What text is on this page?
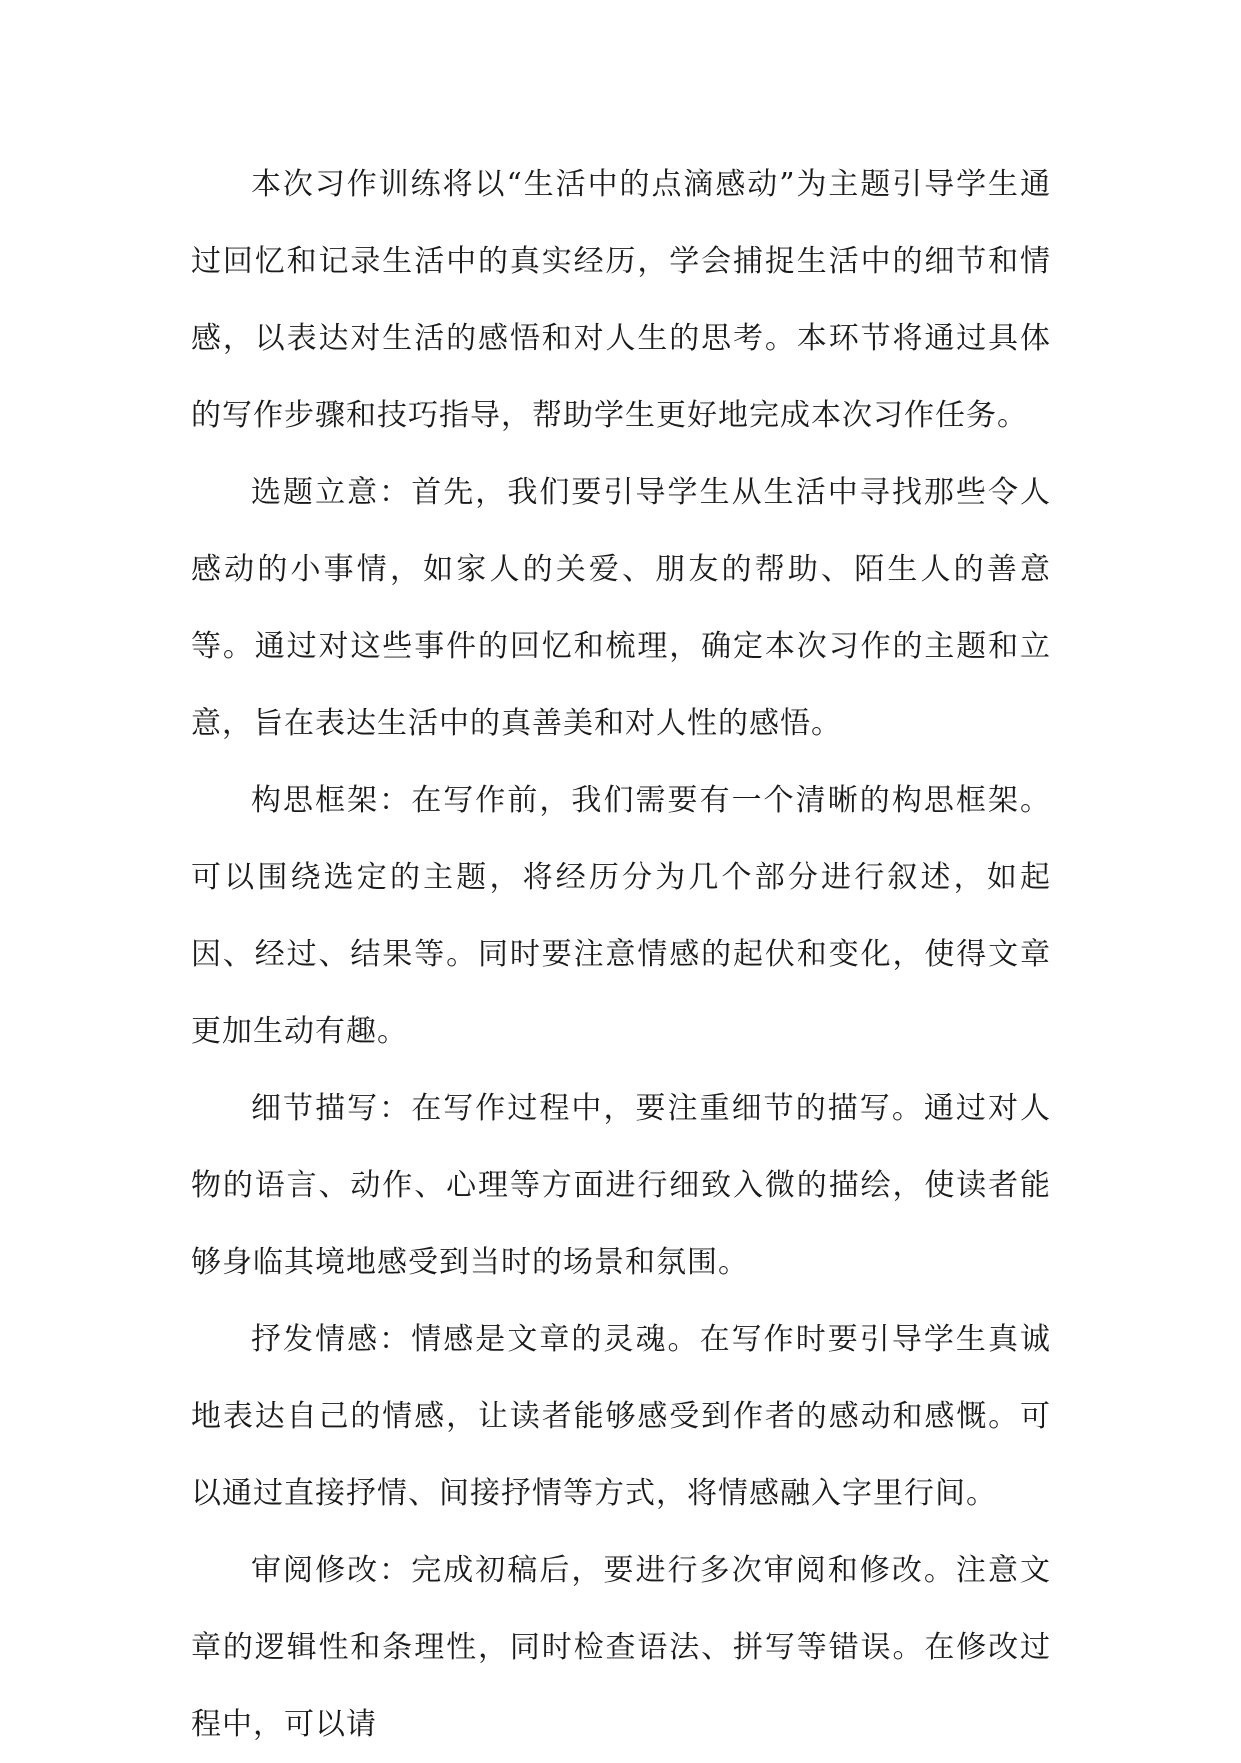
本次习作训练将以“生活中的点滴感动”为主题引导学生通过回忆和记录生活中的真实经历，学会捕捉生活中的细节和情感，以表达对生活的感悟和对人生的思考。本环节将通过具体的写作步骤和技巧指导，帮助学生更好地完成本次习作任务。

选题立意：首先，我们要引导学生从生活中寻找那些令人感动的小事情，如家人的关爱、朋友的帮助、陌生人的善意等。通过对这些事件的回忆和梳理，确定本次习作的主题和立意，旨在表达生活中的真善美和对人性的感悟。

构思框架：在写作前，我们需要有一个清晰的构思框架。可以围绕选定的主题，将经历分为几个部分进行叙述，如起因、经过、结果等。同时要注意情感的起伏和变化，使得文章更加生动有趣。

细节描写：在写作过程中，要注重细节的描写。通过对人物的语言、动作、心理等方面进行细致入微的描绘，使读者能够身临其境地感受到当时的场景和氛围。

抒发情感：情感是文章的灵魂。在写作时要引导学生真诚地表达自己的情感，让读者能够感受到作者的感动和感慨。可以通过直接抒情、间接抒情等方式，将情感融入字里行间。

审阅修改：完成初稿后，要进行多次审阅和修改。注意文章的逻辑性和条理性，同时检查语法、拼写等错误。在修改过程中，可以请
